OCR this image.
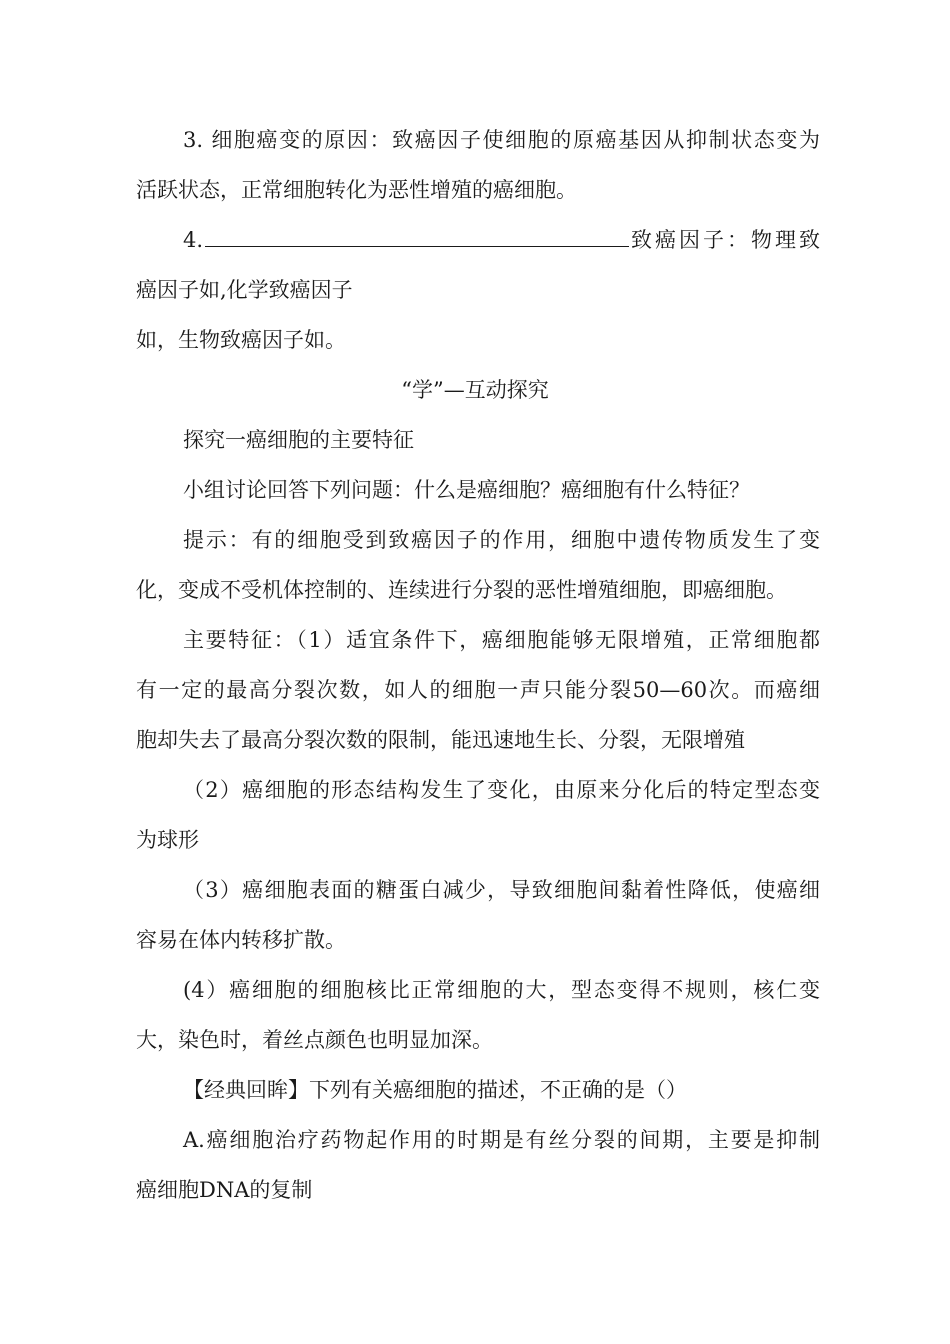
3. 细胞癌变的原因：致癌因子使细胞的原癌基因从抑制状态变为
活跃状态，正常细胞转化为恶性增殖的癌细胞。
4.	致癌因子：物理致
癌因子如,化学致癌因子
如，生物致癌因子如。
“学”—互动探究
探究一癌细胞的主要特征
小组讨论回答下列问题：什么是癌细胞？癌细胞有什么特征？
提示：有的细胞受到致癌因子的作用，细胞中遗传物质发生了变
化，变成不受机体控制的、连续进行分裂的恶性增殖细胞，即癌细胞。
主要特征：（1）适宜条件下，癌细胞能够无限增殖，正常细胞都
有一定的最高分裂次数，如人的细胞一声只能分裂50—60次。而癌细
胞却失去了最高分裂次数的限制，能迅速地生长、分裂，无限增殖
（2）癌细胞的形态结构发生了变化，由原来分化后的特定型态变
为球形
（3）癌细胞表面的糖蛋白减少，导致细胞间黏着性降低，使癌细
容易在体内转移扩散。
(4）癌细胞的细胞核比正常细胞的大，型态变得不规则，核仁变
大，染色时，着丝点颜色也明显加深。
【经典回眸】下列有关癌细胞的描述，不正确的是（）
A.癌细胞治疗药物起作用的时期是有丝分裂的间期，主要是抑制
癌细胞DNA的复制
